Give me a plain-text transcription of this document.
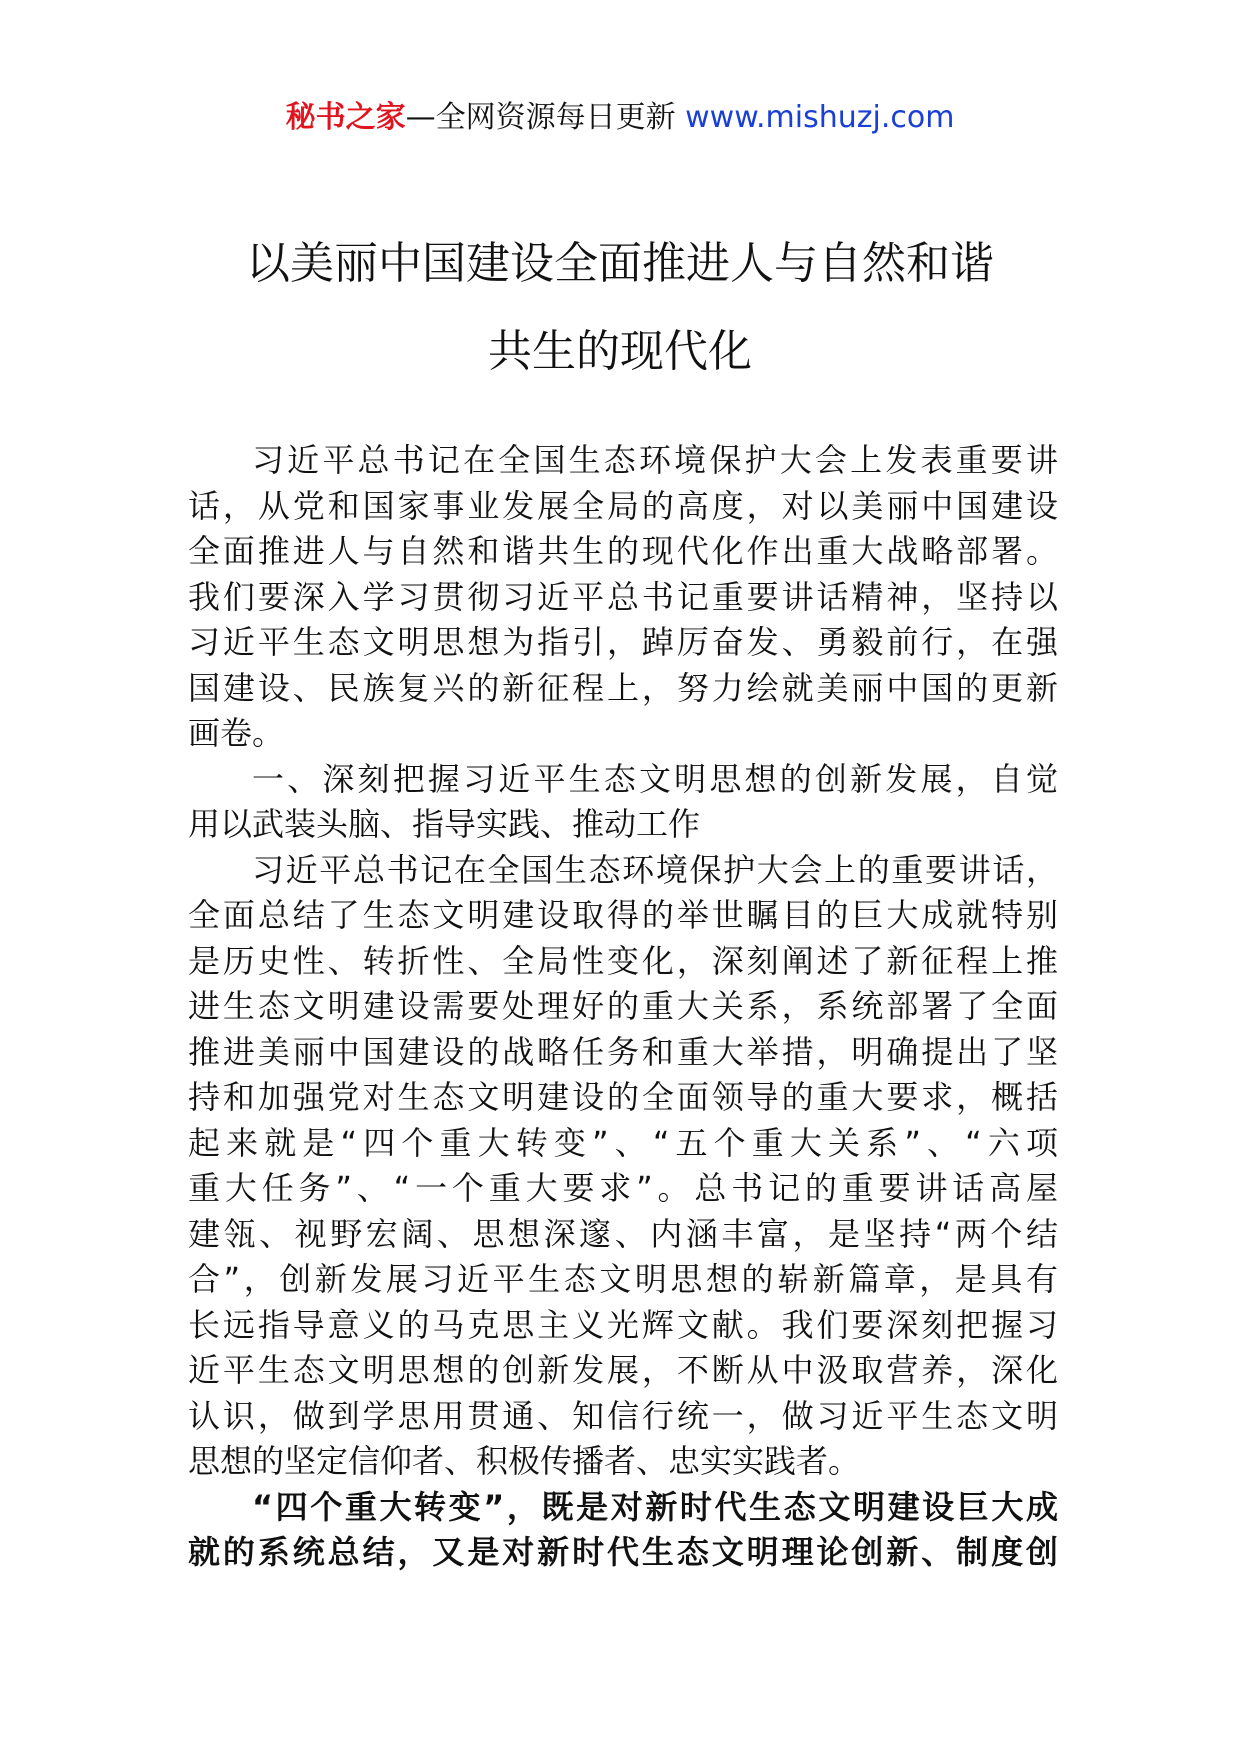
秘书之家—全网资源每日更新 www.mishuzj.com
以美丽中国建设全面推进人与自然和谐
共生的现代化
习近平总书记在全国生态环境保护大会上发表重要讲
话，从党和国家事业发展全局的高度，对以美丽中国建设
全面推进人与自然和谐共生的现代化作出重大战略部署。
我们要深入学习贯彻习近平总书记重要讲话精神，坚持以
习近平生态文明思想为指引，踔厉奋发、勇毅前行，在强
国建设、民族复兴的新征程上，努力绘就美丽中国的更新
画卷。
一、深刻把握习近平生态文明思想的创新发展，自觉
用以武装头脑、指导实践、推动工作
习近平总书记在全国生态环境保护大会上的重要讲话，
全面总结了生态文明建设取得的举世瞩目的巨大成就特别
是历史性、转折性、全局性变化，深刻阐述了新征程上推
进生态文明建设需要处理好的重大关系，系统部署了全面
推进美丽中国建设的战略任务和重大举措，明确提出了坚
持和加强党对生态文明建设的全面领导的重大要求，概括
起来就是“四个重大转变”、“五个重大关系”、“六项
重大任务”、“一个重大要求”。总书记的重要讲话高屋
建瓴、视野宏阔、思想深邃、内涵丰富，是坚持“两个结
合”，创新发展习近平生态文明思想的崭新篇章，是具有
长远指导意义的马克思主义光辉文献。我们要深刻把握习
近平生态文明思想的创新发展，不断从中汲取营养，深化
认识，做到学思用贯通、知信行统一，做习近平生态文明
思想的坚定信仰者、积极传播者、忠实实践者。
“四个重大转变”，既是对新时代生态文明建设巨大成
就的系统总结，又是对新时代生态文明理论创新、制度创
